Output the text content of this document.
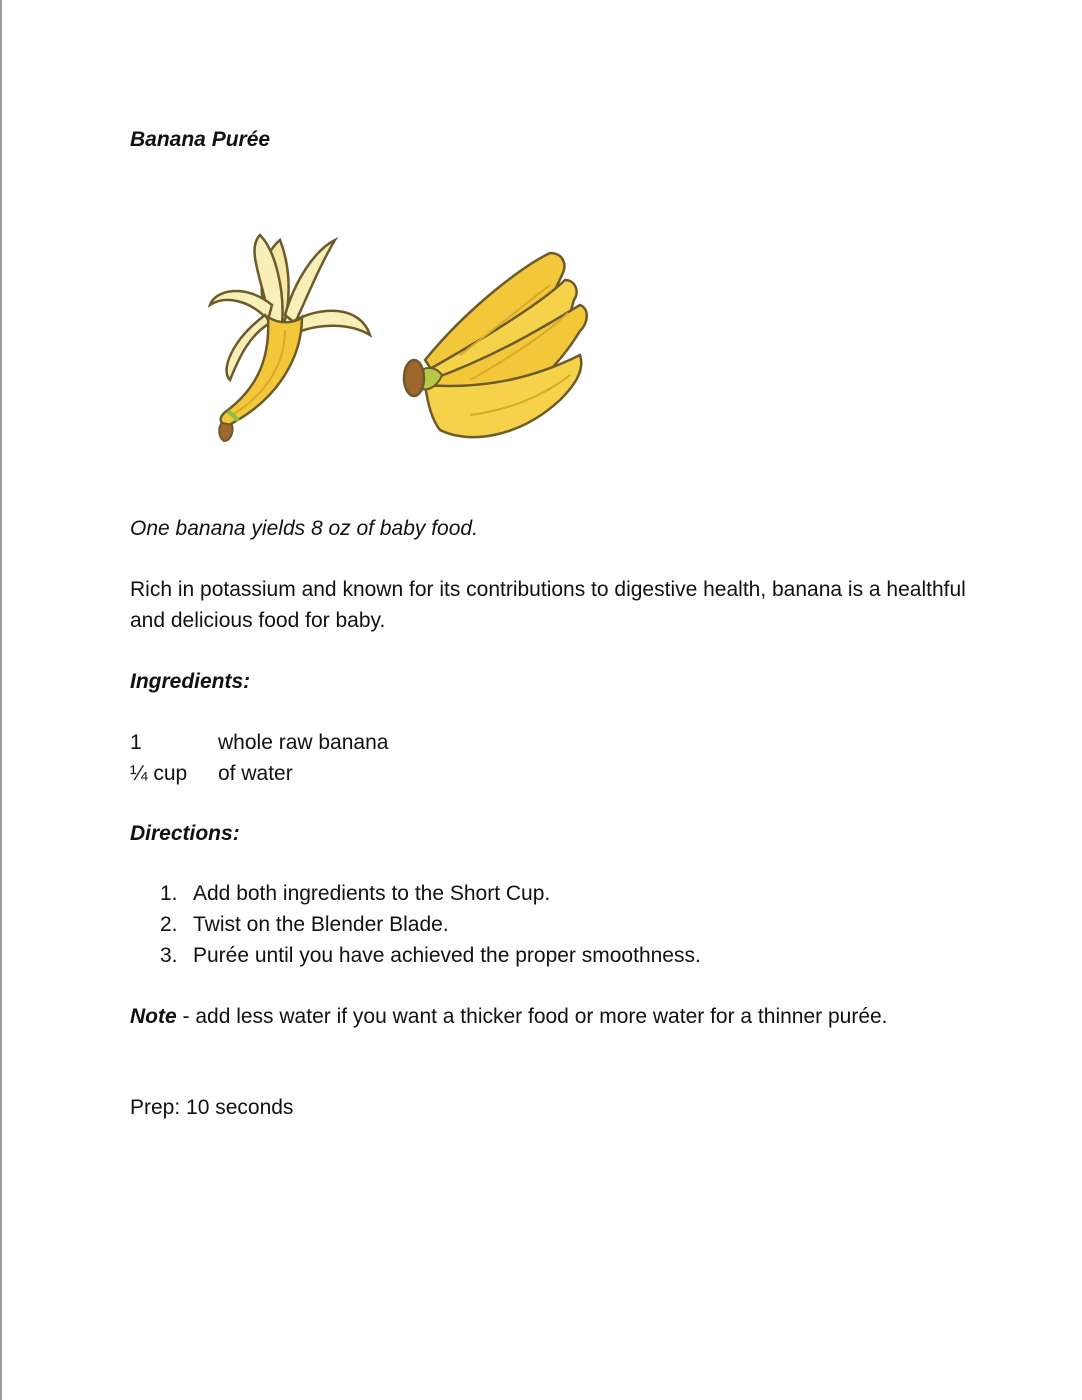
Banana Purée

One banana yields 8 oz of baby food.

Rich in potassium and known for its contributions to digestive health, banana is a healthful and delicious food for baby.

Ingredients:

1	whole raw banana
¼ cup of water

Directions:

1. Add both ingredients to the Short Cup.
2. Twist on the Blender Blade.
3. Purée until you have achieved the proper smoothness.

Note - add less water if you want a thicker food or more water for a thinner purée.

Prep: 10 seconds
